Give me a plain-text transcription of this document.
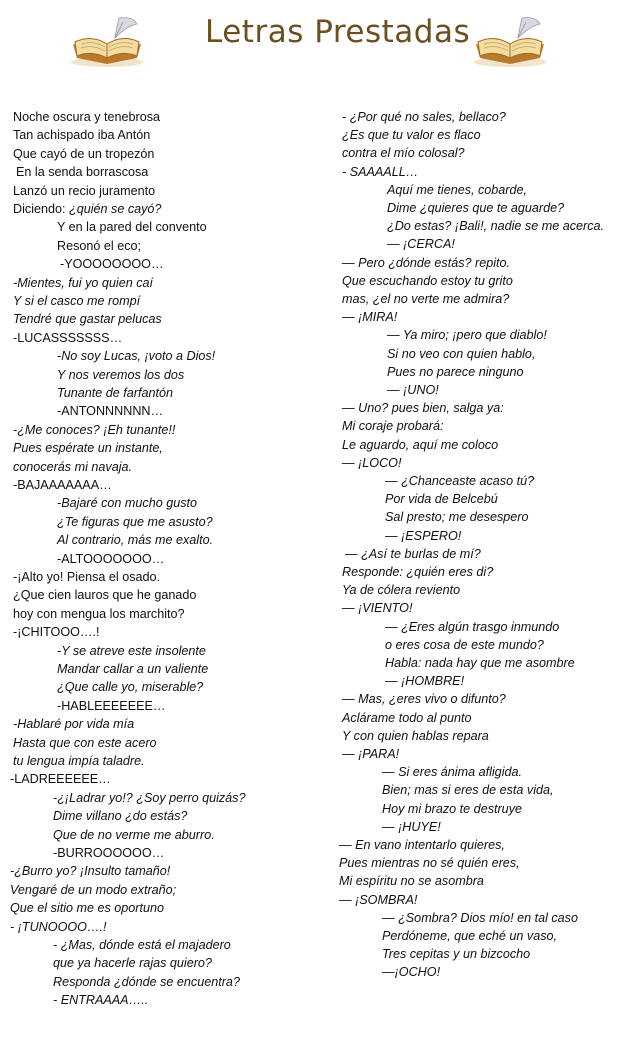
Letras Prestadas
Noche oscura y tenebrosa
Tan achispado iba Antón
Que cayó de un tropezón
En la senda borrascosa
Lanzó un recio juramento
Diciendo: ¿quién se cayó?
Y en la pared del convento
Resonó el eco;
-YOOOOOOOO…
-Mientes, fui yo quien caí
Y si el casco me rompí
Tendré que gastar pelucas
-LUCASSSSSSS…
-No soy Lucas, ¡voto a Dios!
Y nos veremos los dos
Tunante de farfantón
-ANTONNNNNN…
-¿Me conoces? ¡Eh tunante!!
Pues espérate un instante,
conocerás mi navaja.
-BAJAAAAAAA…
-Bajaré con mucho gusto
¿Te figuras que me asusto?
Al contrario, más me exalto.
-ALTOOOOOOO…
-¡Alto yo! Piensa el osado.
¿Que cien lauros que he ganado
hoy con mengua los marchito?
-¡CHITOOO….!
-Y se atreve este insolente
Mandar callar a un valiente
¿Que calle yo, miserable?
-HABLEEEEEEE…
-Hablaré por vida mía
Hasta que con este acero
tu lengua impía taladre.
-LADREEEEEE…
-¿¡Ladrar yo!? ¿Soy perro quizás?
Dime villano ¿do estás?
Que de no verme me aburro.
-BURROOOOOO…
-¿Burro yo? ¡Insulto tamaño!
Vengaré de un modo extraño;
Que el sitio me es oportuno
- ¡TUNOOOO….!
- ¿Mas, dónde está el majadero
que ya hacerle rajas quiero?
Responda ¿dónde se encuentra?
- ENTRAAAA…..
- ¿Por qué no sales, bellaco?
¿Es que tu valor es flaco
contra el mío colosal?
- SAAAALL…
Aquí me tienes, cobarde,
Dime ¿quieres que te aguarde?
¿Do estas? ¡Bali!, nadie se me acerca.
— ¡CERCA!
— Pero ¿dónde estás? repito.
Que escuchando estoy tu grito
mas, ¿el no verte me admira?
— ¡MIRA!
— Ya miro; ¡pero que diablo!
Si no veo con quien hablo,
Pues no parece ninguno
— ¡UNO!
— Uno? pues bien, salga ya:
Mi coraje probará:
Le aguardo, aquí me coloco
— ¡LOCO!
— ¿Chanceaste acaso tú?
Por vida de Belcebú
Sal presto; me desespero
— ¡ESPERO!
— ¿Así te burlas de mí?
Responde: ¿quién eres di?
Ya de cólera reviento
— ¡VIENTO!
— ¿Eres algún trasgo inmundo
o eres cosa de este mundo?
Habla: nada hay que me asombre
— ¡HOMBRE!
— Mas, ¿eres vivo o difunto?
Aclárame todo al punto
Y con quien hablas repara
— ¡PARA!
— Si eres ánima afligida.
Bien; mas si eres de esta vida,
Hoy mi brazo te destruye
— ¡HUYE!
— En vano intentarlo quieres,
Pues mientras no sé quién eres,
Mi espíritu no se asombra
— ¡SOMBRA!
— ¿Sombra? Dios mío! en tal caso
Perdóneme, que eché un vaso,
Tres cepitas y un bizcocho
—¡OCHO!
